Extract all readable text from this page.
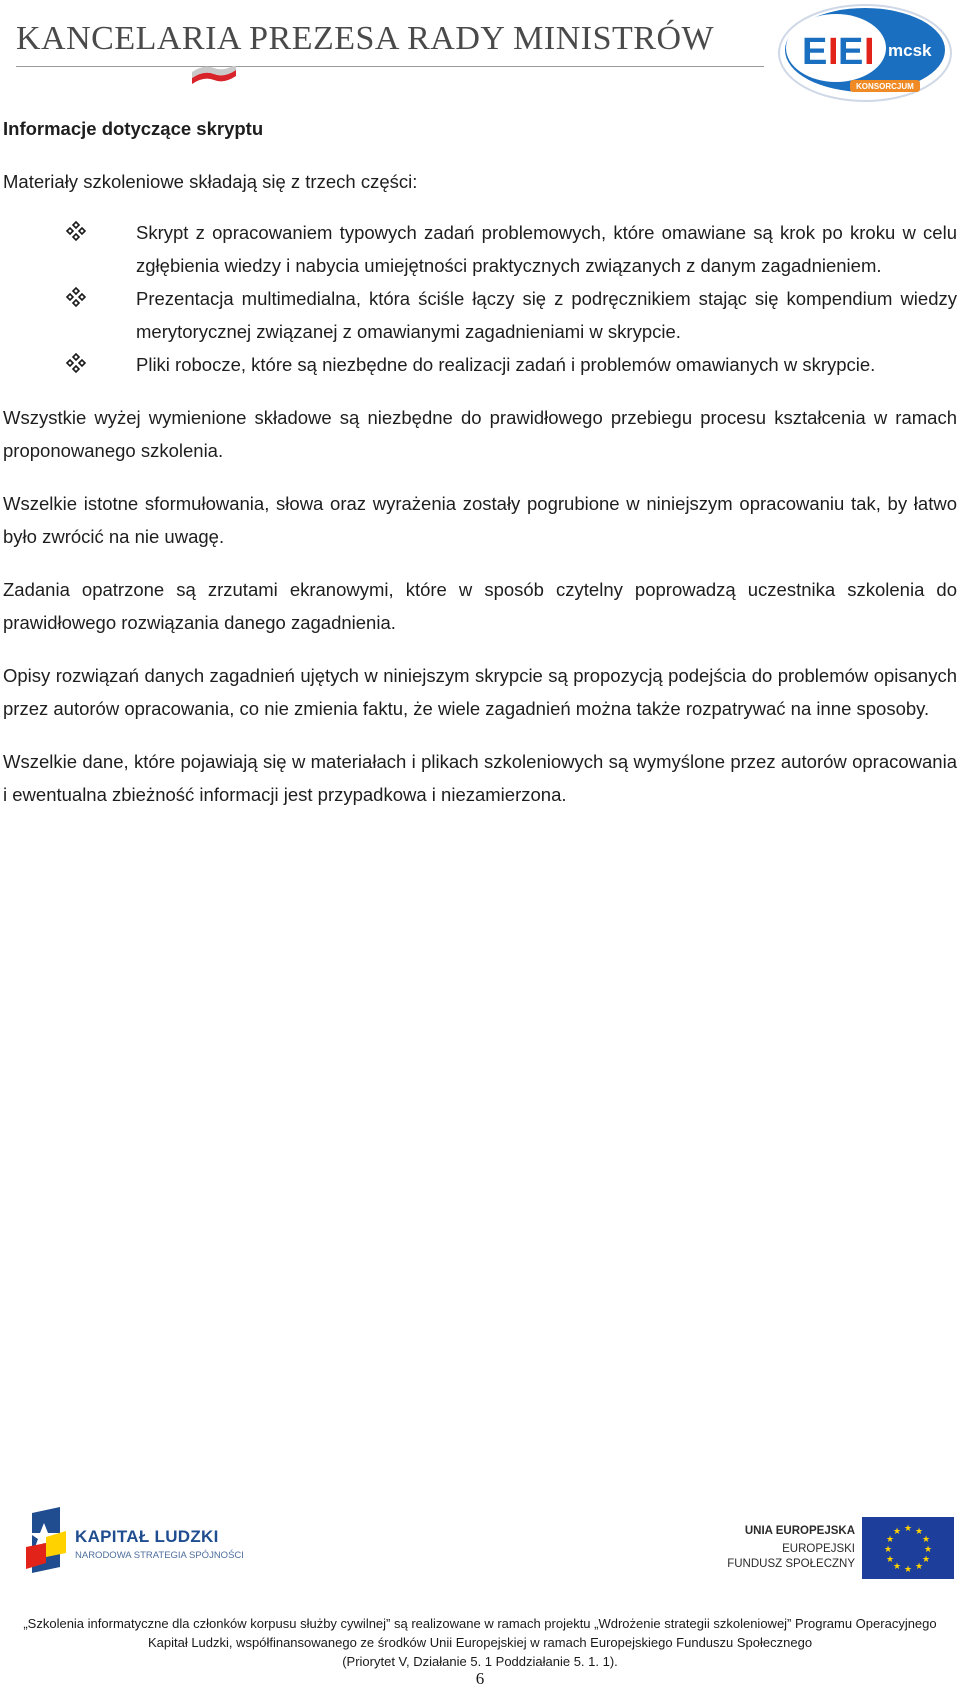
KANCELARIA PREZESA RADY MINISTRÓW E I E I mcsk
KONSORCJUM

Informacje dotyczące skryptu

Materiały szkoleniowe składają się z trzech części:

Skrypt z opracowaniem typowych zadań problemowych, które omawiane są krok po kroku w celu zgłębienia wiedzy i nabycia umiejętności praktycznych związanych z danym zagadnieniem.
Prezentacja multimedialna, która ściśle łączy się z podręcznikiem stając się kompendium wiedzy merytorycznej związanej z omawianymi zagadnieniami w skrypcie.
Pliki robocze, które są niezbędne do realizacji zadań i problemów omawianych w skrypcie.

Wszystkie wyżej wymienione składowe są niezbędne do prawidłowego przebiegu procesu kształcenia w ramach proponowanego szkolenia.

Wszelkie istotne sformułowania, słowa oraz wyrażenia zostały pogrubione w niniejszym opracowaniu tak, by łatwo było zwrócić na nie uwagę.

Zadania opatrzone są zrzutami ekranowymi, które w sposób czytelny poprowadzą uczestnika szkolenia do prawidłowego rozwiązania danego zagadnienia.

Opisy rozwiązań danych zagadnień ujętych w niniejszym skrypcie są propozycją podejścia do problemów opisanych przez autorów opracowania, co nie zmienia faktu, że wiele zagadnień można także rozpatrywać na inne sposoby.

Wszelkie dane, które pojawiają się w materiałach i plikach szkoleniowych są wymyślone przez autorów opracowania i ewentualna zbieżność informacji jest przypadkowa i niezamierzona.

KAPITAŁ LUDZKI
NARODOWA STRATEGIA SPÓJNOŚCI
UNIA EUROPEJSKA
EUROPEJSKI
FUNDUSZ SPOŁECZNY
★ ★
★
★
★
★
★
★
★
★
★
★
„Szkolenia informatyczne dla członków korpusu służby cywilnej” są realizowane w ramach projektu „Wdrożenie strategii szkoleniowej” Programu Operacyjnego
Kapitał Ludzki, współfinansowanego ze środków Unii Europejskiej w ramach Europejskiego Funduszu Społecznego
(Priorytet V, Działanie 5. 1 Poddziałanie 5. 1. 1).
6
